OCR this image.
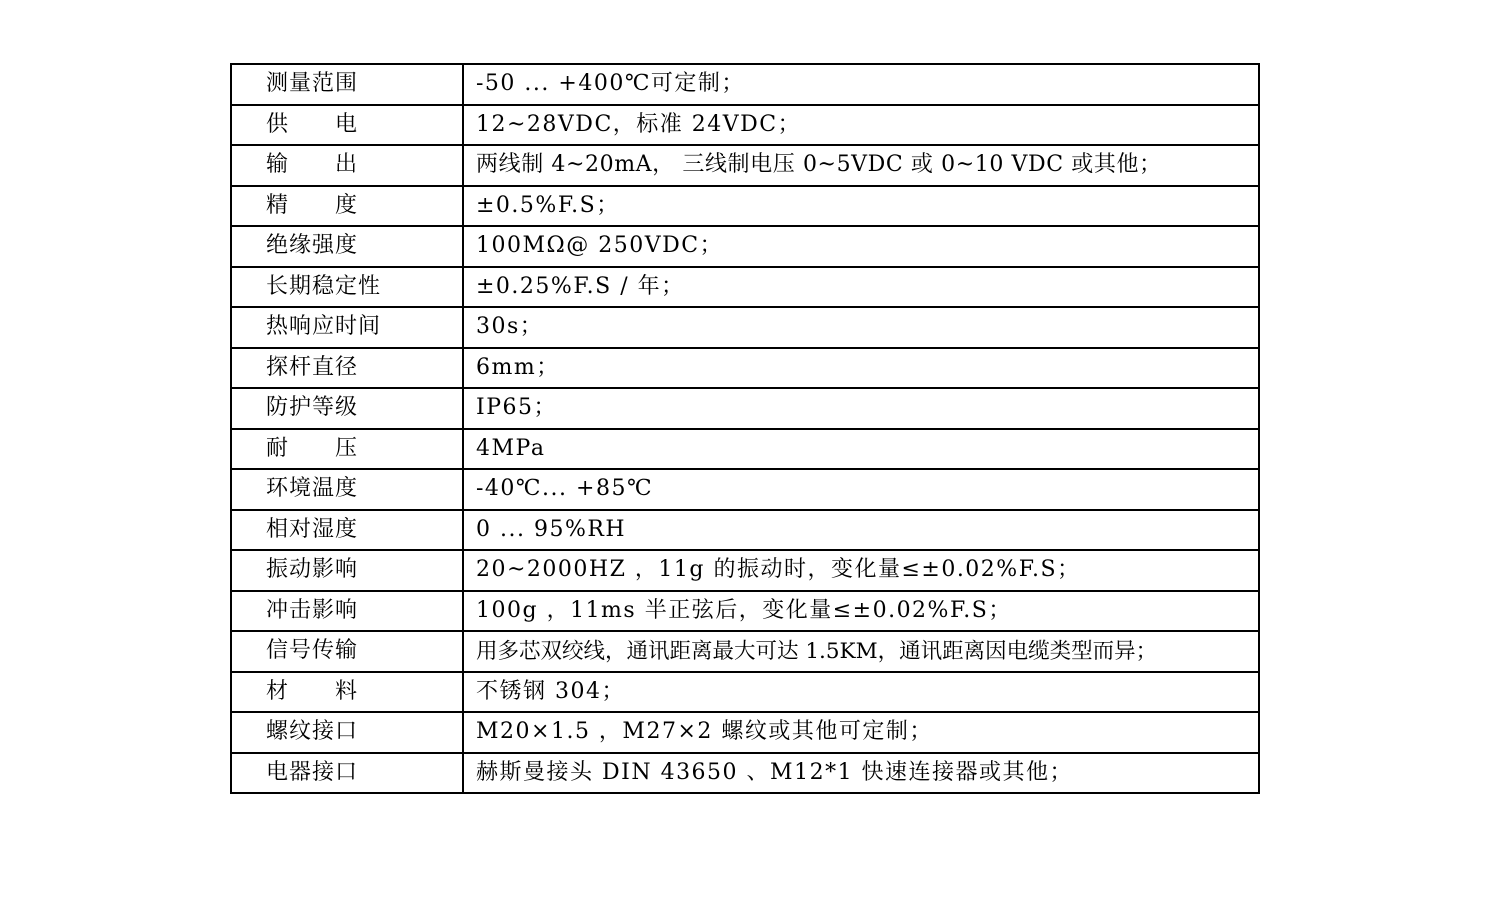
测量范围	-50 ... +400℃可定制；
供　　电	12~28VDC，标准 24VDC；
输　　出	两线制 4~20mA， 三线制电压 0~5VDC 或 0~10 VDC 或其他；
精　　度	±0.5%F.S；
绝缘强度	100MΩ@ 250VDC；
长期稳定性	±0.25%F.S / 年；
热响应时间	30s；
探杆直径	6mm；
防护等级	IP65；
耐　　压	4MPa
环境温度	-40℃... +85℃
相对湿度	0 ... 95%RH
振动影响	20~2000HZ ，11g 的振动时，变化量≤±0.02%F.S；
冲击影响	100g ，11ms 半正弦后，变化量≤±0.02%F.S；
信号传输	用多芯双绞线，通讯距离最大可达 1.5KM，通讯距离因电缆类型而异；
材　　料	不锈钢 304；
螺纹接口	M20×1.5 ，M27×2 螺纹或其他可定制；
电器接口	赫斯曼接头 DIN 43650 、M12*1 快速连接器或其他；
